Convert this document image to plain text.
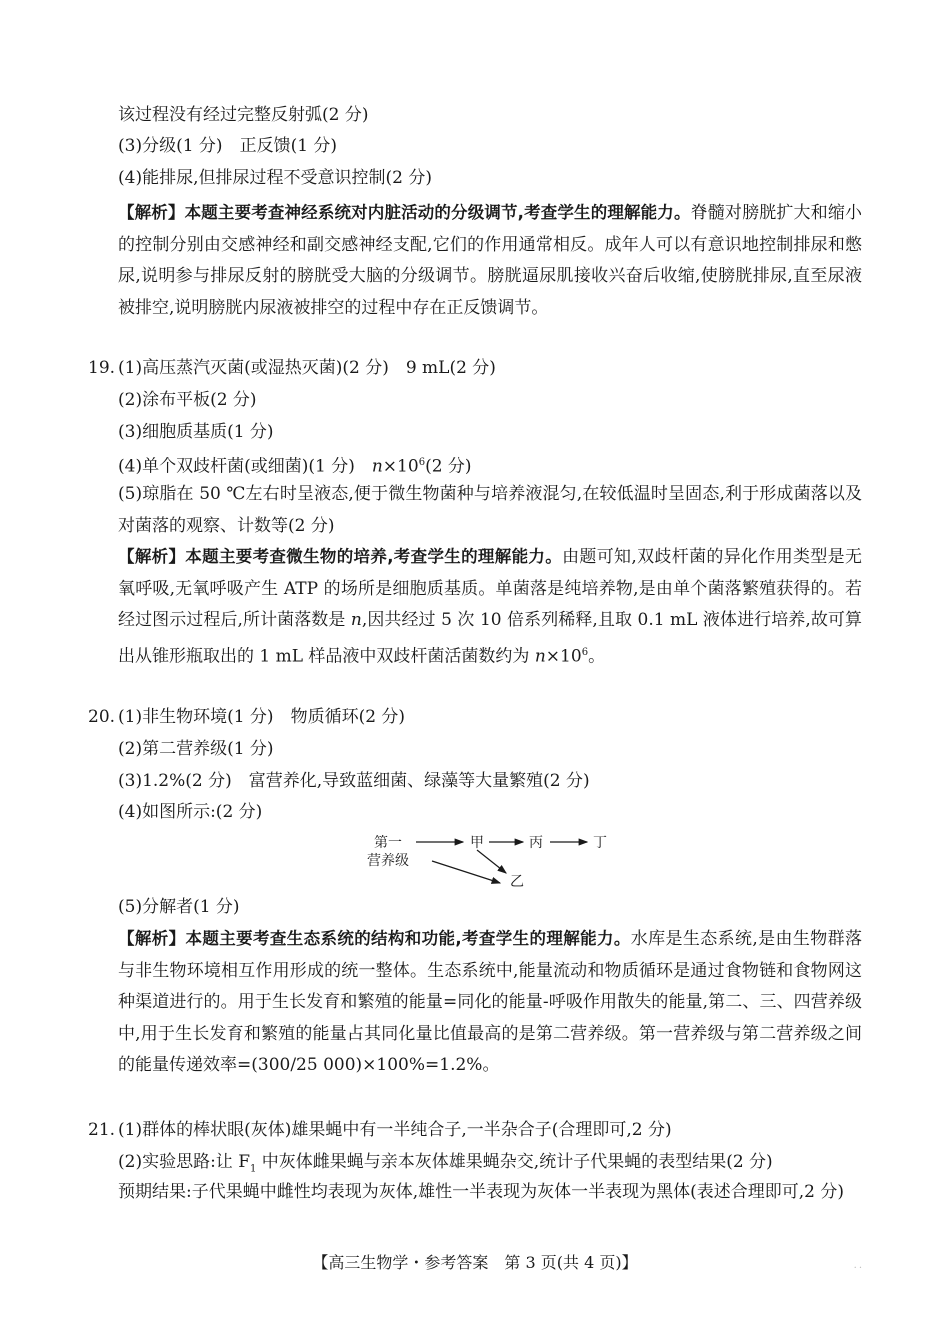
该过程没有经过完整反射弧(2 分)
(3)分级(1 分)　正反馈(1 分)
(4)能排尿,但排尿过程不受意识控制(2 分)
【解析】本题主要考查神经系统对内脏活动的分级调节,考查学生的理解能力。脊髓对膀胱扩大和缩小的控制分别由交感神经和副交感神经支配,它们的作用通常相反。成年人可以有意识地控制排尿和憋尿,说明参与排尿反射的膀胱受大脑的分级调节。膀胱逼尿肌接收兴奋后收缩,使膀胱排尿,直至尿液被排空,说明膀胱内尿液被排空的过程中存在正反馈调节。
19. (1)高压蒸汽灭菌(或湿热灭菌)(2 分)　9 mL(2 分)
(2)涂布平板(2 分)
(3)细胞质基质(1 分)
(4)单个双歧杆菌(或细菌)(1 分)　$n\times 10^6(2$ 分)
(5)琼脂在 50 ℃左右时呈液态,便于微生物菌种与培养液混匀,在较低温时呈固态,利于形成菌落以及对菌落的观察、计数等(2 分)
【解析】本题主要考查微生物的培养,考查学生的理解能力。由题可知,双歧杆菌的异化作用类型是无氧呼吸,无氧呼吸产生 ATP 的场所是细胞质基质。单菌落是纯培养物,是由单个菌落繁殖获得的。若经过图示过程后,所计菌落数是 n,因共经过 5 次 10 倍系列稀释,且取 0.1 mL 液体进行培养,故可算出从锥形瓶取出的 1 mL 样品液中双歧杆菌活菌数约为 $n\times 10^6$。
20. (1)非生物环境(1 分)　物质循环(2 分)
(2)第二营养级(1 分)
(3)1.2%(2 分)　富营养化,导致蓝细菌、绿藻等大量繁殖(2 分)
(4)如图所示:(2 分)
第一
营养级
甲	丙	丁
乙
(5)分解者(1 分)
【解析】本题主要考查生态系统的结构和功能,考查学生的理解能力。水库是生态系统,是由生物群落与非生物环境相互作用形成的统一整体。生态系统中,能量流动和物质循环是通过食物链和食物网这种渠道进行的。用于生长发育和繁殖的能量=同化的能量-呼吸作用散失的能量,第二、三、四营养级中,用于生长发育和繁殖的能量占其同化量比值最高的是第二营养级。第一营养级与第二营养级之间的能量传递效率=(300/25 000)×100%=1.2%。
21. (1)群体的棒状眼(灰体)雄果蝇中有一半纯合子,一半杂合子(合理即可,2 分)
(2)实验思路:让 $F_1$ 中灰体雌果蝇与亲本灰体雄果蝇杂交,统计子代果蝇的表型结果(2 分)
预期结果:子代果蝇中雌性均表现为灰体,雄性一半表现为灰体一半表现为黑体(表述合理即可,2 分)
【高三生物学・参考答案　第 3 页(共 4 页)】	..
